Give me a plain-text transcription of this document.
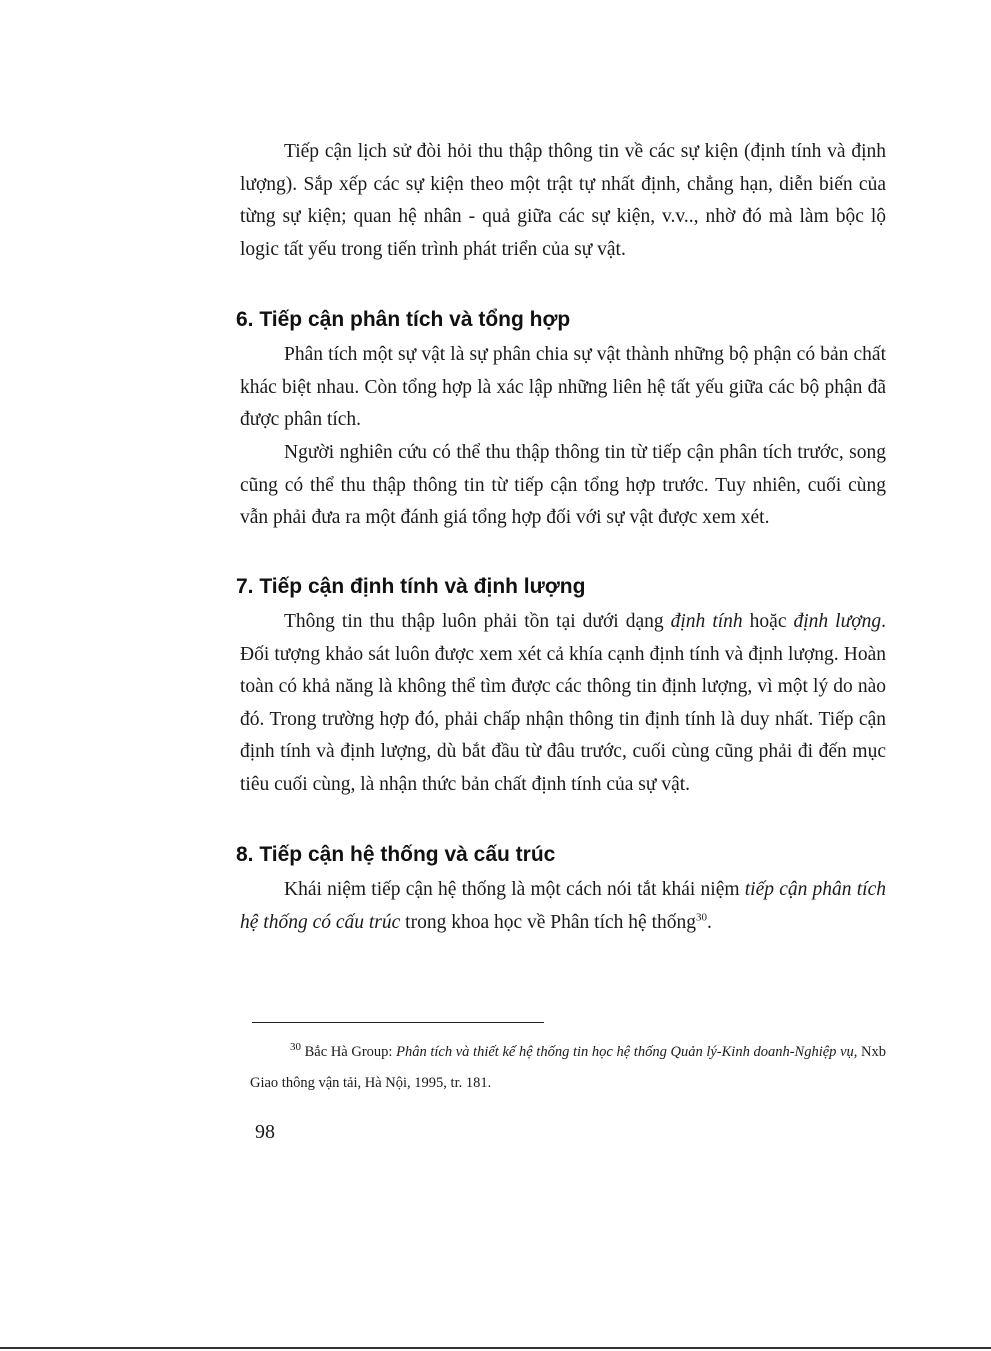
Tiếp cận lịch sử đòi hỏi thu thập thông tin về các sự kiện (định tính và định lượng). Sắp xếp các sự kiện theo một trật tự nhất định, chẳng hạn, diễn biến của từng sự kiện; quan hệ nhân - quả giữa các sự kiện, v.v.., nhờ đó mà làm bộc lộ logic tất yếu trong tiến trình phát triển của sự vật.

6. Tiếp cận phân tích và tổng hợp

Phân tích một sự vật là sự phân chia sự vật thành những bộ phận có bản chất khác biệt nhau. Còn tổng hợp là xác lập những liên hệ tất yếu giữa các bộ phận đã được phân tích.

Người nghiên cứu có thể thu thập thông tin từ tiếp cận phân tích trước, song cũng có thể thu thập thông tin từ tiếp cận tổng hợp trước. Tuy nhiên, cuối cùng vẫn phải đưa ra một đánh giá tổng hợp đối với sự vật được xem xét.

7. Tiếp cận định tính và định lượng

Thông tin thu thập luôn phải tồn tại dưới dạng định tính hoặc định lượng. Đối tượng khảo sát luôn được xem xét cả khía cạnh định tính và định lượng. Hoàn toàn có khả năng là không thể tìm được các thông tin định lượng, vì một lý do nào đó. Trong trường hợp đó, phải chấp nhận thông tin định tính là duy nhất. Tiếp cận định tính và định lượng, dù bắt đầu từ đâu trước, cuối cùng cũng phải đi đến mục tiêu cuối cùng, là nhận thức bản chất định tính của sự vật.

8. Tiếp cận hệ thống và cấu trúc

Khái niệm tiếp cận hệ thống là một cách nói tắt khái niệm tiếp cận phân tích hệ thống có cấu trúc trong khoa học về Phân tích hệ thống$^{30}$.

$^{30}$ Bắc Hà Group: Phân tích và thiết kế hệ thống tin học hệ thống Quản lý-Kinh doanh-Nghiệp vụ, Nxb Giao thông vận tải, Hà Nội, 1995, tr. 181.

98
